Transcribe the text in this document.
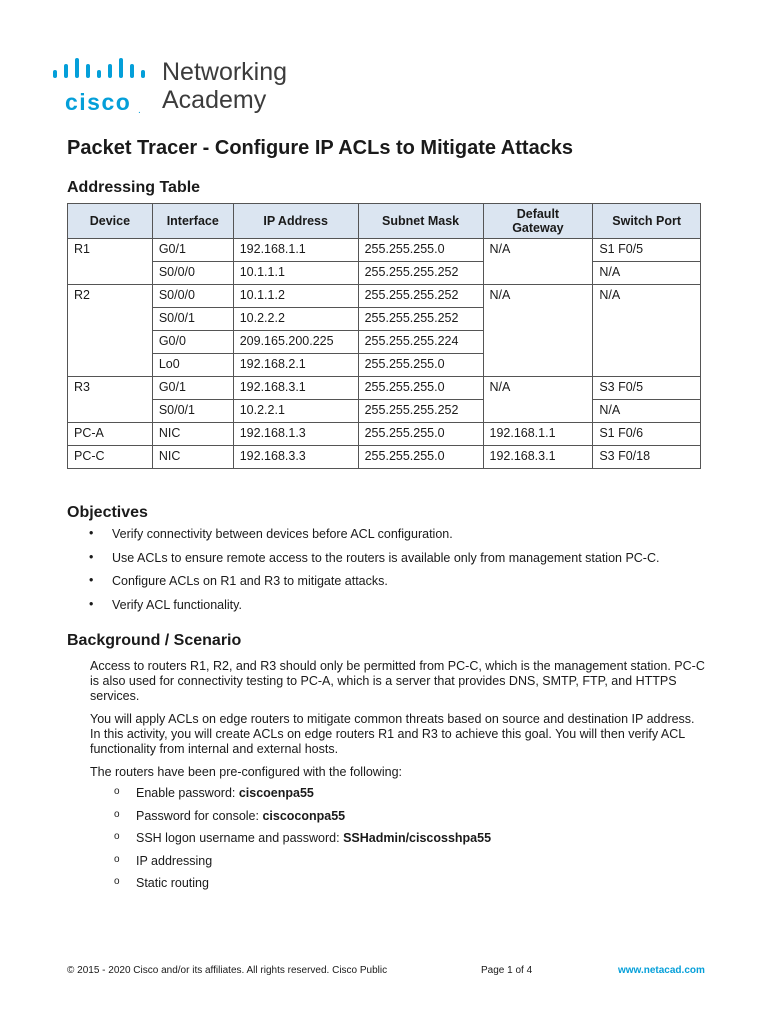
cisco .
Networking
Academy
Packet Tracer - Configure IP ACLs to Mitigate Attacks
Addressing Table
Device	Interface	IP Address	Subnet Mask	Default Gateway	Switch Port
R1	G0/1	192.168.1.1	255.255.255.0	N/A	S1 F0/5
	S0/0/0	10.1.1.1	255.255.255.252		N/A
R2	S0/0/0	10.1.1.2	255.255.255.252	N/A	N/A
	S0/0/1	10.2.2.2	255.255.255.252		
	G0/0	209.165.200.225	255.255.255.224		
	Lo0	192.168.2.1	255.255.255.0		
R3	G0/1	192.168.3.1	255.255.255.0	N/A	S3 F0/5
	S0/0/1	10.2.2.1	255.255.255.252		N/A
PC-A	NIC	192.168.1.3	255.255.255.0	192.168.1.1	S1 F0/6
PC-C	NIC	192.168.3.3	255.255.255.0	192.168.3.1	S3 F0/18
Objectives
• Verify connectivity between devices before ACL configuration.
• Use ACLs to ensure remote access to the routers is available only from management station PC-C.
• Configure ACLs on R1 and R3 to mitigate attacks.
• Verify ACL functionality.
Background / Scenario

Access to routers R1, R2, and R3 should only be permitted from PC-C, which is the management station. PC-C is also used for connectivity testing to PC-A, which is a server that provides DNS, SMTP, FTP, and HTTPS services.

You will apply ACLs on edge routers to mitigate common threats based on source and destination IP address. In this activity, you will create ACLs on edge routers R1 and R3 to achieve this goal. You will then verify ACL functionality from internal and external hosts.

The routers have been pre-configured with the following:

o Enable password: ciscoenpa55
o Password for console: ciscoconpa55
o SSH logon username and password: SSHadmin/ciscosshpa55
o IP addressing
o Static routing
© 2015 - 2020 Cisco and/or its affiliates. All rights reserved. Cisco Public	Page 1 of 4	www.netacad.com
